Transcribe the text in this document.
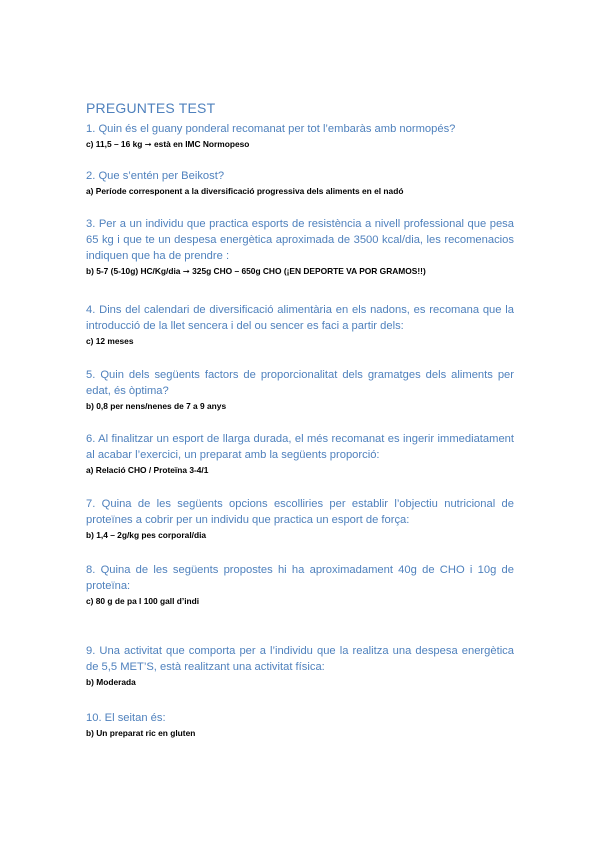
PREGUNTES TEST

1. Quin és el guany ponderal recomanat per tot l’embaràs amb normopés?

c) 11,5 – 16 kg ➞ està en IMC Normopeso

2. Que s’entén per Beikost?

a) Període corresponent a la diversificació progressiva dels aliments en el nadó

3. Per a un individu que practica esports de resistència a nivell professional que pesa 65 kg i que te un despesa energètica aproximada de 3500 kcal/dia, les recomenacios indiquen que ha de prendre :

b) 5-7 (5-10g) HC/Kg/dia ➞ 325g CHO – 650g CHO (¡EN DEPORTE VA POR GRAMOS!!)

4. Dins del calendari de diversificació alimentària en els nadons, es recomana que la introducció de la llet sencera i del ou sencer es faci a partir dels:

c) 12 meses

5. Quin dels següents factors de proporcionalitat dels gramatges dels aliments per edat, és òptima?

b) 0,8 per nens/nenes de 7 a 9 anys

6. Al finalitzar un esport de llarga durada, el més recomanat es ingerir immediatament al acabar l’exercici, un preparat amb la següents proporció:

a) Relació CHO / Proteïna 3-4/1

7. Quina de les següents opcions escolliries per establir l’objectiu nutricional de proteïnes a cobrir per un individu que practica un esport de força:

b) 1,4 – 2g/kg pes corporal/dia

8. Quina de les següents propostes hi ha aproximadament 40g de CHO i 10g de proteïna:

c) 80 g de pa I 100 gall d’indi

9. Una activitat que comporta per a l’individu que la realitza una despesa energètica de 5,5 MET’S, està realitzant una activitat física:

b) Moderada

10. El seitan és:

b) Un preparat ric en gluten
